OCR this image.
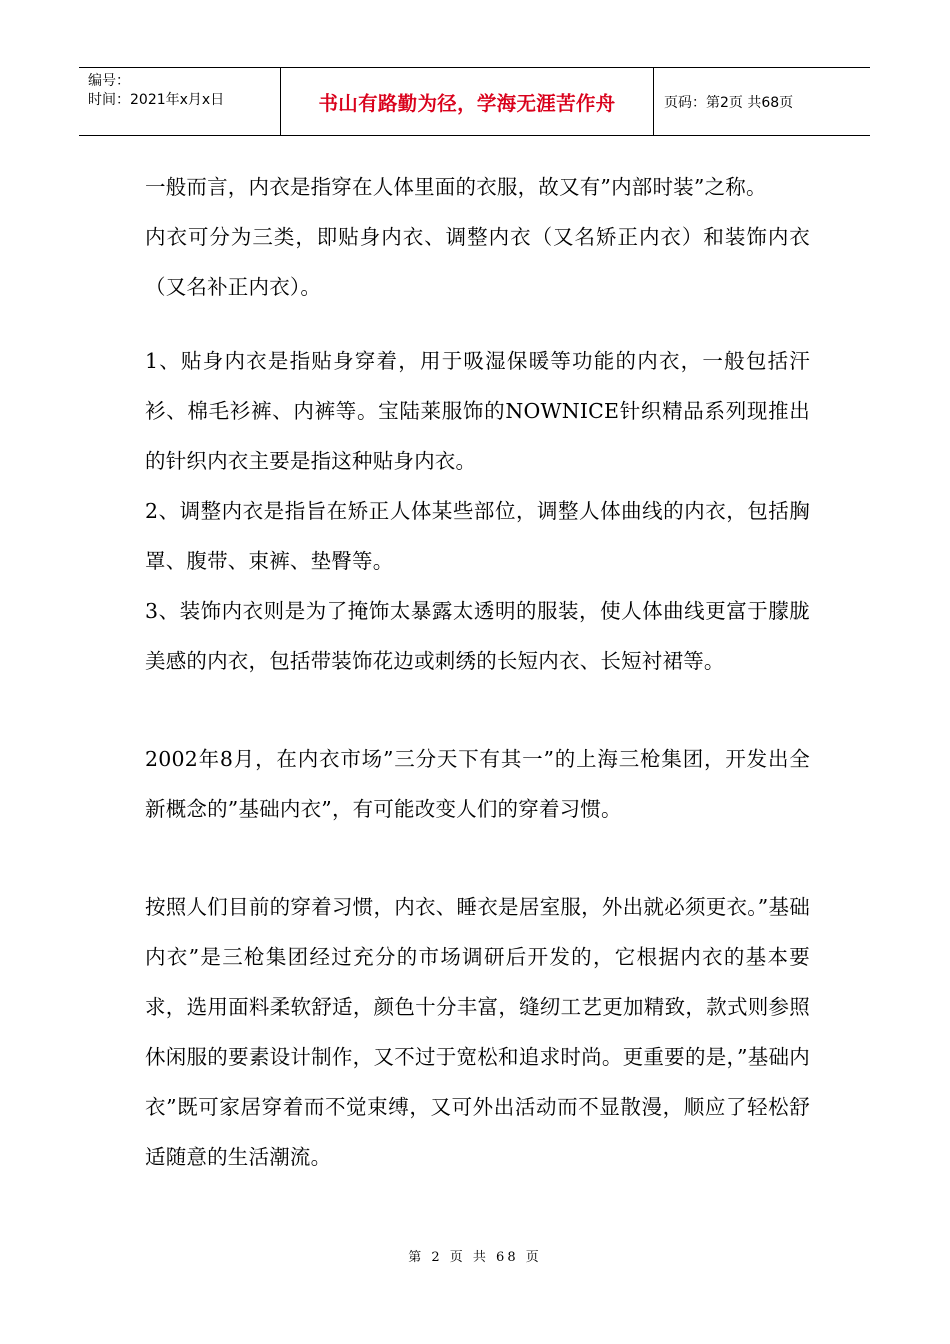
编号：
时间：2021年x月x日	书山有路勤为径，学海无涯苦作舟	页码：第2页 共68页

一般而言，内衣是指穿在人体里面的衣服，故又有”内部时装”之称。

内衣可分为三类，即贴身内衣、调整内衣（又名矫正内衣）和装饰内衣（又名补正内衣）。

1、贴身内衣是指贴身穿着，用于吸湿保暖等功能的内衣，一般包括汗衫、棉毛衫裤、内裤等。宝陆莱服饰的NOWNICE针织精品系列现推出的针织内衣主要是指这种贴身内衣。

2、调整内衣是指旨在矫正人体某些部位，调整人体曲线的内衣，包括胸罩、腹带、束裤、垫臀等。

3、装饰内衣则是为了掩饰太暴露太透明的服装，使人体曲线更富于朦胧美感的内衣，包括带装饰花边或刺绣的长短内衣、长短衬裙等。

2002年8月，在内衣市场”三分天下有其一”的上海三枪集团，开发出全新概念的”基础内衣”，有可能改变人们的穿着习惯。

按照人们目前的穿着习惯，内衣、睡衣是居室服，外出就必须更衣。”基础内衣”是三枪集团经过充分的市场调研后开发的，它根据内衣的基本要求，选用面料柔软舒适，颜色十分丰富，缝纫工艺更加精致，款式则参照休闲服的要素设计制作，又不过于宽松和追求时尚。更重要的是，”基础内衣”既可家居穿着而不觉束缚，又可外出活动而不显散漫，顺应了轻松舒适随意的生活潮流。

第 2 页 共 68 页
